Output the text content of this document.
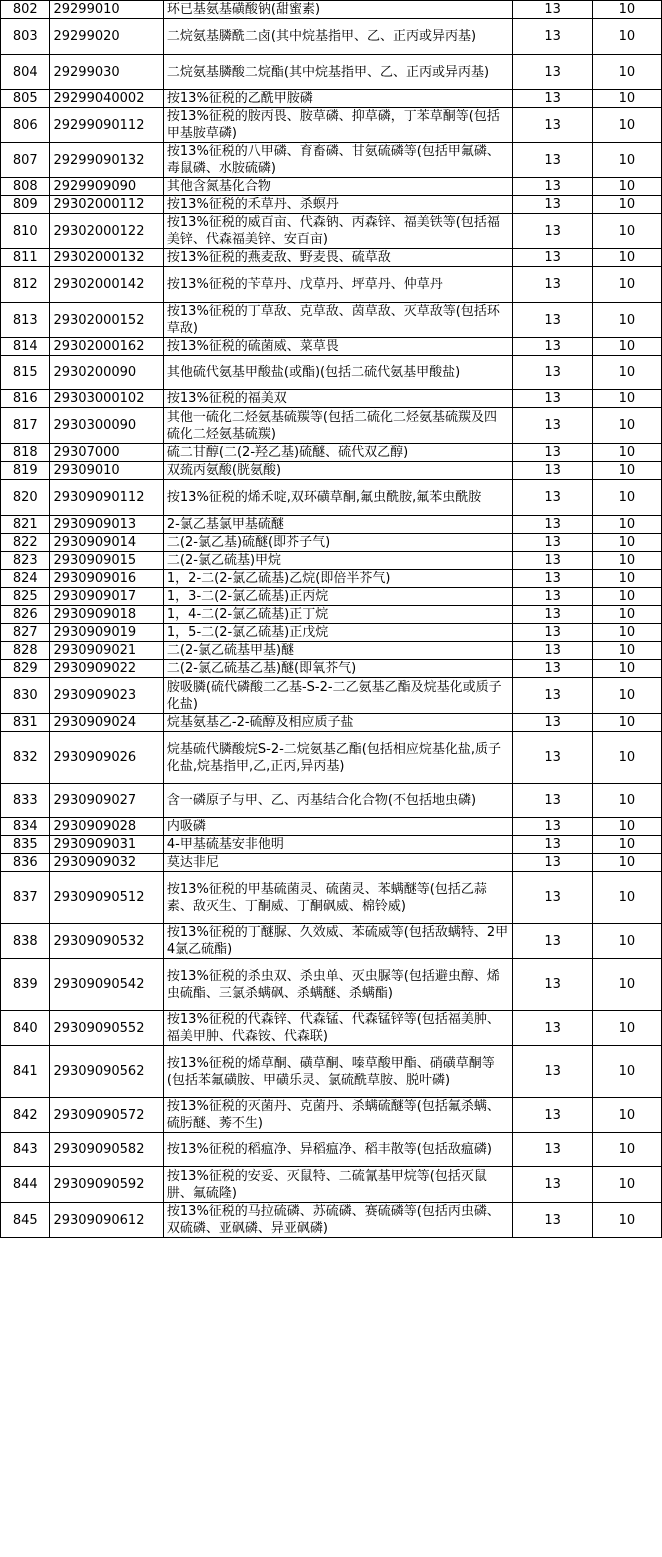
802	29299010	环已基氨基磺酸钠(甜蜜素)	13	10
803	29299020	二烷氨基膦酰二卤(其中烷基指甲、乙、正丙或异丙基)	13	10
804	29299030	二烷氨基膦酸二烷酯(其中烷基指甲、乙、正丙或异丙基)	13	10
805	29299040002	按13%征税的乙酰甲胺磷	13	10
806	29299090112	按13%征税的胺丙畏、胺草磷、抑草磷，丁苯草酮等(包括甲基胺草磷)	13	10
807	29299090132	按13%征税的八甲磷、育畜磷、甘氨硫磷等(包括甲氟磷、毒鼠磷、水胺硫磷)	13	10
808	2929909090	其他含氮基化合物	13	10
809	29302000112	按13%征税的禾草丹、杀螟丹	13	10
810	29302000122	按13%征税的威百亩、代森钠、丙森锌、福美铁等(包括福美锌、代森福美锌、安百亩)	13	10
811	29302000132	按13%征税的燕麦敌、野麦畏、硫草敌	13	10
812	29302000142	按13%征税的苄草丹、戊草丹、坪草丹、仲草丹	13	10
813	29302000152	按13%征税的丁草敌、克草敌、茵草敌、灭草敌等(包括环草敌)	13	10
814	29302000162	按13%征税的硫菌威、菜草畏	13	10
815	2930200090	其他硫代氨基甲酸盐(或酯)(包括二硫代氨基甲酸盐)	13	10
816	29303000102	按13%征税的福美双	13	10
817	2930300090	其他一硫化二烃氨基硫羰等(包括二硫化二烃氨基硫羰及四硫化二烃氨基硫羰)	13	10
818	29307000	硫二甘醇(二(2-羟乙基)硫醚、硫代双乙醇)	13	10
819	29309010	双巯丙氨酸(胱氨酸)	13	10
820	29309090112	按13%征税的烯禾啶,双环磺草酮,氟虫酰胺,氟苯虫酰胺	13	10
821	2930909013	2-氯乙基氯甲基硫醚	13	10
822	2930909014	二(2-氯乙基)硫醚(即芥子气)	13	10
823	2930909015	二(2-氯乙硫基)甲烷	13	10
824	2930909016	1，2-二(2-氯乙硫基)乙烷(即倍半芥气)	13	10
825	2930909017	1，3-二(2-氯乙硫基)正丙烷	13	10
826	2930909018	1，4-二(2-氯乙硫基)正丁烷	13	10
827	2930909019	1，5-二(2-氯乙硫基)正戊烷	13	10
828	2930909021	二(2-氯乙硫基甲基)醚	13	10
829	2930909022	二(2-氯乙硫基乙基)醚(即氧芥气)	13	10
830	2930909023	胺吸膦(硫代磷酸二乙基-S-2-二乙氨基乙酯及烷基化或质子化盐)	13	10
831	2930909024	烷基氨基乙-2-硫醇及相应质子盐	13	10
832	2930909026	烷基硫代膦酸烷S-2-二烷氨基乙酯(包括相应烷基化盐,质子化盐,烷基指甲,乙,正丙,异丙基)	13	10
833	2930909027	含一磷原子与甲、乙、丙基结合化合物(不包括地虫磷)	13	10
834	2930909028	内吸磷	13	10
835	2930909031	4-甲基硫基安非他明	13	10
836	2930909032	莫达非尼	13	10
837	29309090512	按13%征税的甲基硫菌灵、硫菌灵、苯螨醚等(包括乙蒜素、敌灭生、丁酮威、丁酮砜威、棉铃威)	13	10
838	29309090532	按13%征税的丁醚脲、久效威、苯硫威等(包括敌螨特、2甲4氯乙硫酯)	13	10
839	29309090542	按13%征税的杀虫双、杀虫单、灭虫脲等(包括避虫醇、烯虫硫酯、三氯杀螨砜、杀螨醚、杀螨酯)	13	10
840	29309090552	按13%征税的代森锌、代森锰、代森锰锌等(包括福美肿、福美甲肿、代森铵、代森联)	13	10
841	29309090562	按13%征税的烯草酮、磺草酮、嗪草酸甲酯、硝磺草酮等(包括苯氟磺胺、甲磺乐灵、氯硫酰草胺、脱叶磷)	13	10
842	29309090572	按13%征税的灭菌丹、克菌丹、杀螨硫醚等(包括氟杀螨、硫肟醚、莠不生)	13	10
843	29309090582	按13%征税的稻瘟净、异稻瘟净、稻丰散等(包括敌瘟磷)	13	10
844	29309090592	按13%征税的安妥、灭鼠特、二硫氰基甲烷等(包括灭鼠肼、氟硫隆)	13	10
845	29309090612	按13%征税的马拉硫磷、苏硫磷、赛硫磷等(包括丙虫磷、双硫磷、亚砜磷、异亚砜磷)	13	10
